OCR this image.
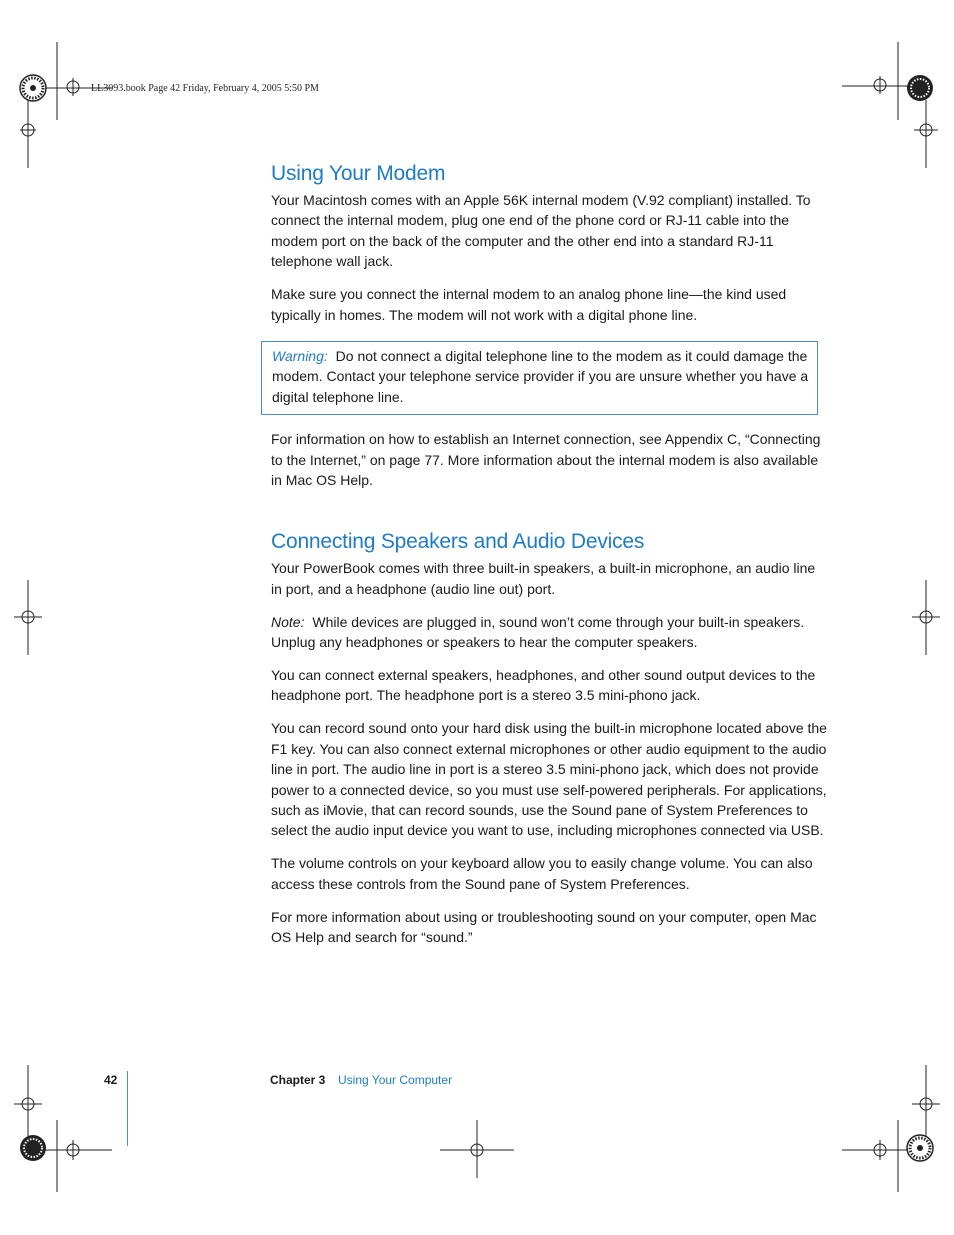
LL3093.book Page 42 Friday, February 4, 2005 5:50 PM
Using Your Modem

Your Macintosh comes with an Apple 56K internal modem (V.92 compliant) installed. To connect the internal modem, plug one end of the phone cord or RJ-11 cable into the modem port on the back of the computer and the other end into a standard RJ-11 telephone wall jack.

Make sure you connect the internal modem to an analog phone line—the kind used typically in homes. The modem will not work with a digital phone line.

Warning: Do not connect a digital telephone line to the modem as it could damage the modem. Contact your telephone service provider if you are unsure whether you have a digital telephone line.

For information on how to establish an Internet connection, see Appendix C, “Connecting to the Internet,” on page 77. More information about the internal modem is also available in Mac OS Help.

Connecting Speakers and Audio Devices

Your PowerBook comes with three built-in speakers, a built-in microphone, an audio line in port, and a headphone (audio line out) port.

Note: While devices are plugged in, sound won’t come through your built-in speakers. Unplug any headphones or speakers to hear the computer speakers.

You can connect external speakers, headphones, and other sound output devices to the headphone port. The headphone port is a stereo 3.5 mini-phono jack.

You can record sound onto your hard disk using the built-in microphone located above the F1 key. You can also connect external microphones or other audio equipment to the audio line in port. The audio line in port is a stereo 3.5 mini-phono jack, which does not provide power to a connected device, so you must use self-powered peripherals. For applications, such as iMovie, that can record sounds, use the Sound pane of System Preferences to select the audio input device you want to use, including microphones connected via USB.

The volume controls on your keyboard allow you to easily change volume. You can also access these controls from the Sound pane of System Preferences.

For more information about using or troubleshooting sound on your computer, open Mac OS Help and search for “sound.”

42	Chapter 3 Using Your Computer
